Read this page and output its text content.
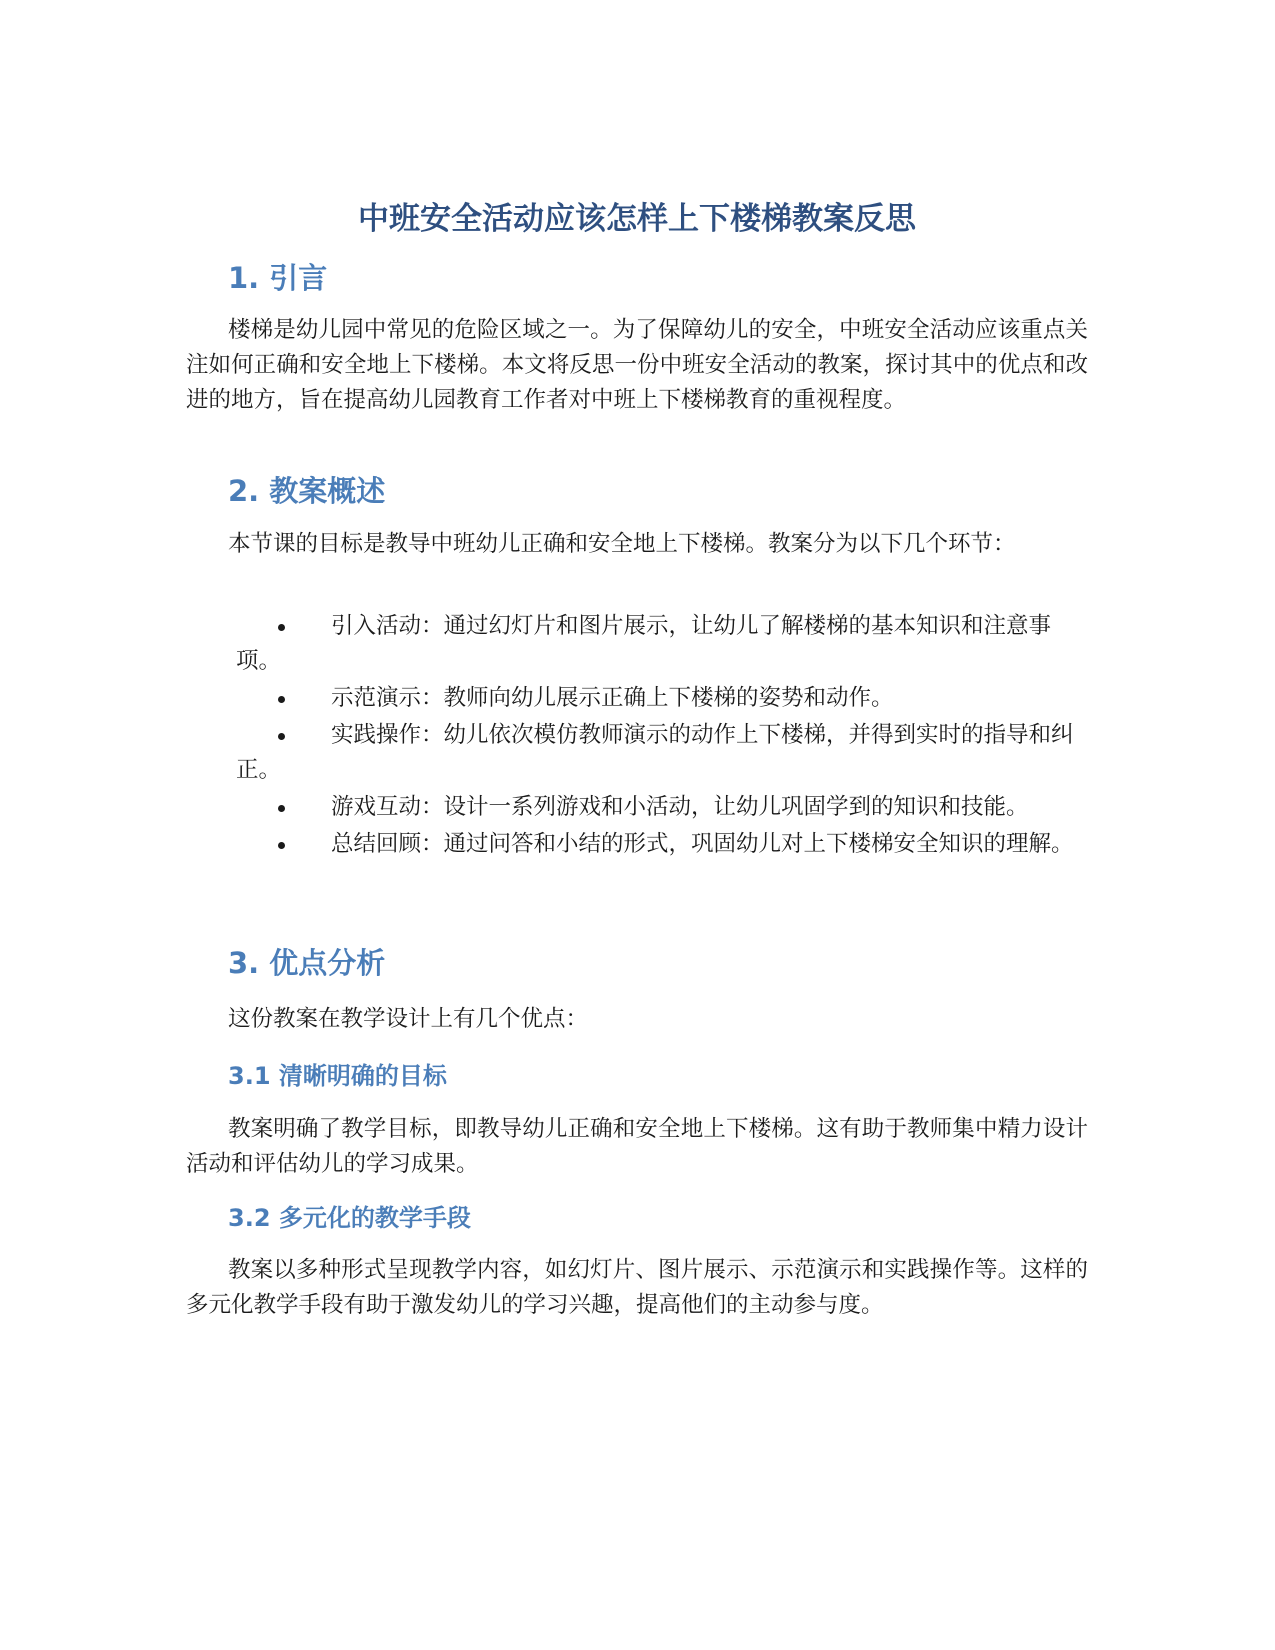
中班安全活动应该怎样上下楼梯教案反思
1. 引言

楼梯是幼儿园中常见的危险区域之一。为了保障幼儿的安全，中班安全活动应该重点关注如何正确和安全地上下楼梯。本文将反思一份中班安全活动的教案，探讨其中的优点和改进的地方，旨在提高幼儿园教育工作者对中班上下楼梯教育的重视程度。

2. 教案概述

本节课的目标是教导中班幼儿正确和安全地上下楼梯。教案分为以下几个环节：

引入活动：通过幻灯片和图片展示，让幼儿了解楼梯的基本知识和注意事项。
示范演示：教师向幼儿展示正确上下楼梯的姿势和动作。
实践操作：幼儿依次模仿教师演示的动作上下楼梯，并得到实时的指导和纠正。
游戏互动：设计一系列游戏和小活动，让幼儿巩固学到的知识和技能。
总结回顾：通过问答和小结的形式，巩固幼儿对上下楼梯安全知识的理解。
3. 优点分析

这份教案在教学设计上有几个优点：

3.1 清晰明确的目标

教案明确了教学目标，即教导幼儿正确和安全地上下楼梯。这有助于教师集中精力设计活动和评估幼儿的学习成果。

3.2 多元化的教学手段

教案以多种形式呈现教学内容，如幻灯片、图片展示、示范演示和实践操作等。这样的多元化教学手段有助于激发幼儿的学习兴趣，提高他们的主动参与度。
